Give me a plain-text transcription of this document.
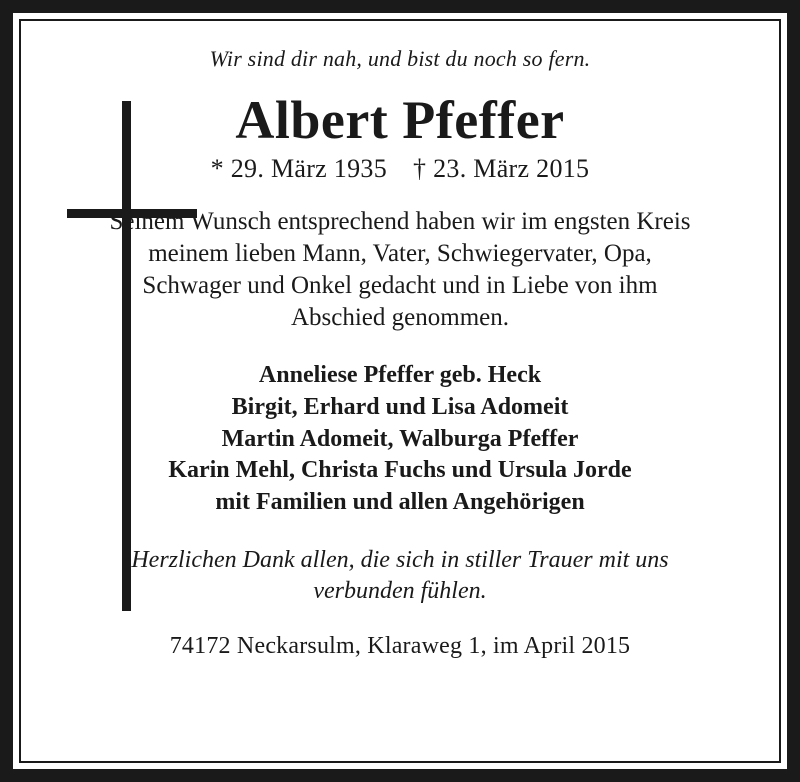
Wir sind dir nah, und bist du noch so fern.

Albert Pfeffer

* 29. März 1935 † 23. März 2015

Seinem Wunsch entsprechend haben wir im engsten Kreis meinem lieben Mann, Vater, Schwiegervater, Opa, Schwager und Onkel gedacht und in Liebe von ihm Abschied genommen.

Anneliese Pfeffer geb. Heck
Birgit, Erhard und Lisa Adomeit
Martin Adomeit, Walburga Pfeffer
Karin Mehl, Christa Fuchs und Ursula Jorde
mit Familien und allen Angehörigen

Herzlichen Dank allen, die sich in stiller Trauer mit uns verbunden fühlen.

74172 Neckarsulm, Klaraweg 1, im April 2015
